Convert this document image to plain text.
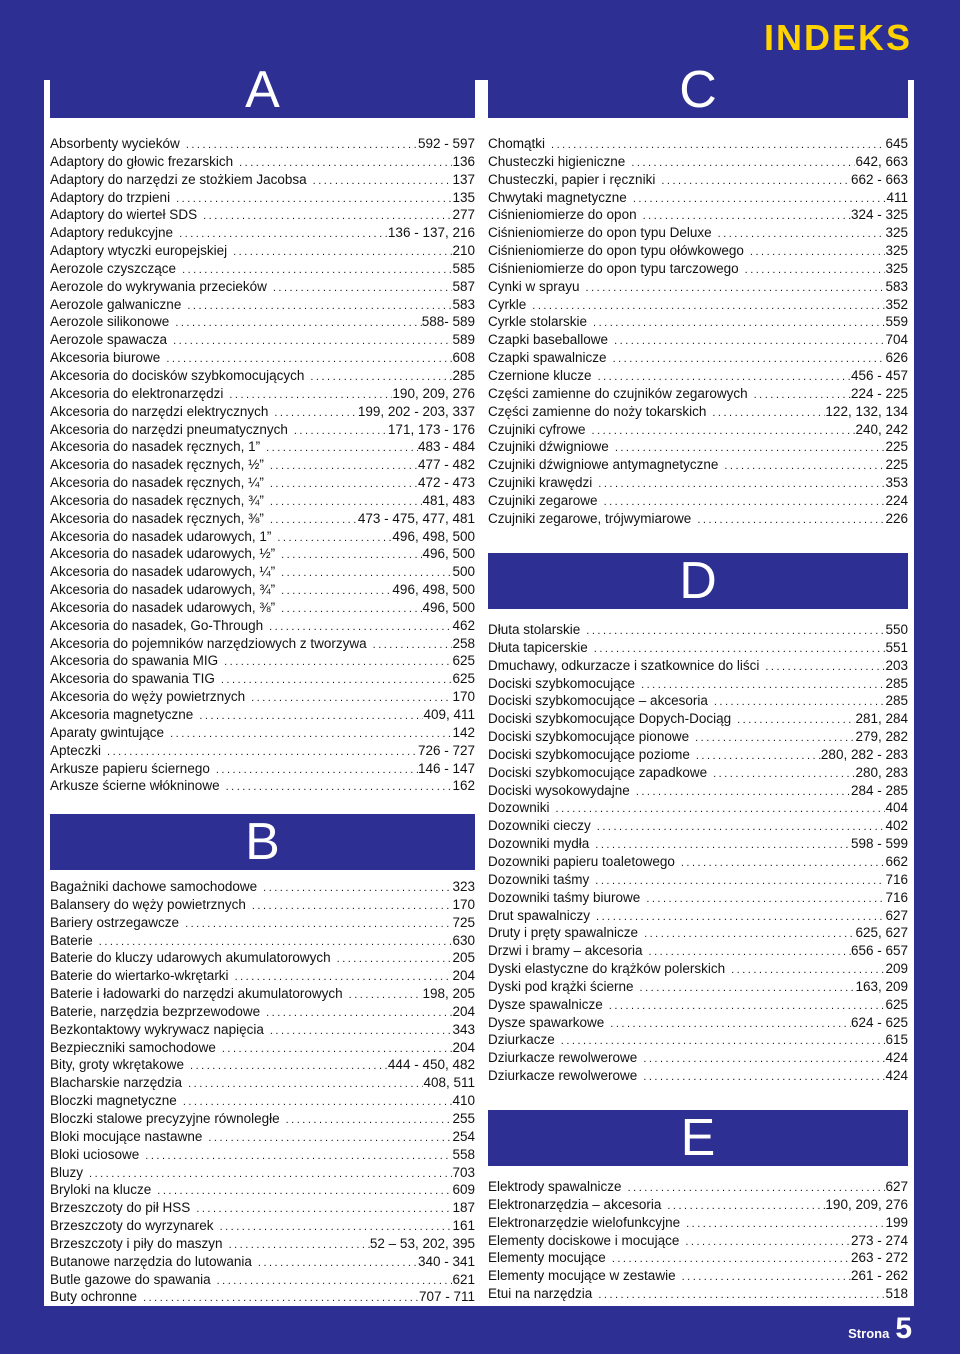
INDEKS
A
Absorbenty wycieków .....	592 - 597
Adaptory do głowic frezarskich .....	136
Adaptory do narzędzi ze stożkiem Jacobsa .....	137
Adaptory do trzpieni .....	135
Adaptory do wierteł SDS .....	277
Adaptory redukcyjne .....	136 - 137, 216
Adaptory wtyczki europejskiej .....	210
Aerozole czyszczące .....	585
Aerozole do wykrywania przecieków .....	587
Aerozole galwaniczne .....	583
Aerozole silikonowe .....	588- 589
Aerozole spawacza .....	589
Akcesoria biurowe .....	608
Akcesoria do docisków szybkomocujących .....	285
Akcesoria do elektronarzędzi .....	190, 209, 276
Akcesoria do narzędzi elektrycznych .....	199, 202 - 203, 337
Akcesoria do narzędzi pneumatycznych .....	171, 173 - 176
Akcesoria do nasadek ręcznych, 1” .....	483 - 484
Akcesoria do nasadek ręcznych, ½” .....	477 - 482
Akcesoria do nasadek ręcznych, ¼” .....	472 - 473
Akcesoria do nasadek ręcznych, ¾” .....	481, 483
Akcesoria do nasadek ręcznych, ⅜” .....	473 - 475, 477, 481
Akcesoria do nasadek udarowych, 1” .....	496, 498, 500
Akcesoria do nasadek udarowych, ½” .....	496, 500
Akcesoria do nasadek udarowych, ¼” .....	500
Akcesoria do nasadek udarowych, ¾” .....	496, 498, 500
Akcesoria do nasadek udarowych, ⅜” .....	496, 500
Akcesoria do nasadek, Go-Through .....	462
Akcesoria do pojemników narzędziowych z tworzywa .....	258
Akcesoria do spawania MIG .....	625
Akcesoria do spawania TIG .....	625
Akcesoria do węży powietrznych .....	170
Akcesoria magnetyczne .....	409, 411
Aparaty gwintujące .....	142
Apteczki .....	726 - 727
Arkusze papieru ściernego .....	146 - 147
Arkusze ścierne włókninowe .....	162
B
Bagażniki dachowe samochodowe .....	323
Balansery do węży powietrznych .....	170
Bariery ostrzegawcze .....	725
Baterie .....	630
Baterie do kluczy udarowych akumulatorowych .....	205
Baterie do wiertarko-wkrętarki .....	204
Baterie i ładowarki do narzędzi akumulatorowych .....	198, 205
Baterie, narzędzia bezprzewodowe .....	204
Bezkontaktowy wykrywacz napięcia .....	343
Bezpieczniki samochodowe .....	204
Bity, groty wkrętakowe .....	444 - 450, 482
Blacharskie narzędzia .....	408, 511
Bloczki magnetyczne .....	410
Bloczki stalowe precyzyjne równoległe .....	255
Bloki mocujące nastawne .....	254
Bloki uciosowe .....	558
Bluzy .....	703
Bryloki na klucze .....	609
Brzeszczoty do pił HSS .....	187
Brzeszczoty do wyrzynarek .....	161
Brzeszczoty i piły do maszyn .....	52 – 53, 202, 395
Butanowe narzędzia do lutowania .....	340 - 341
Butle gazowe do spawania .....	621
Buty ochronne .....	707 - 711
C
Chomątki .....	645
Chusteczki higieniczne .....	642, 663
Chusteczki, papier i ręczniki .....	662 - 663
Chwytaki magnetyczne .....	411
Ciśnieniomierze do opon .....	324 - 325
Ciśnieniomierze do opon typu Deluxe .....	325
Ciśnieniomierze do opon typu ołówkowego .....	325
Ciśnieniomierze do opon typu tarczowego .....	325
Cynki w sprayu .....	583
Cyrkle .....	352
Cyrkle stolarskie .....	559
Czapki baseballowe .....	704
Czapki spawalnicze .....	626
Czernione klucze .....	456 - 457
Części zamienne do czujników zegarowych .....	224 - 225
Części zamienne do noży tokarskich .....	122, 132, 134
Czujniki cyfrowe .....	240, 242
Czujniki dźwigniowe .....	225
Czujniki dźwigniowe antymagnetyczne .....	225
Czujniki krawędzi .....	353
Czujniki zegarowe .....	224
Czujniki zegarowe, trójwymiarowe .....	226
D
Dłuta stolarskie .....	550
Dłuta tapicerskie .....	551
Dmuchawy, odkurzacze i szatkownice do liści .....	203
Dociski szybkomocujące .....	285
Dociski szybkomocujące – akcesoria .....	285
Dociski szybkomocujące Dopych-Dociąg .....	281, 284
Dociski szybkomocujące pionowe .....	279, 282
Dociski szybkomocujące poziome .....	280, 282 - 283
Dociski szybkomocujące zapadkowe .....	280, 283
Dociski wysokowydajne .....	284 - 285
Dozowniki .....	404
Dozowniki cieczy .....	402
Dozowniki mydła .....	598 - 599
Dozowniki papieru toaletowego .....	662
Dozowniki taśmy .....	716
Dozowniki taśmy biurowe .....	716
Drut spawalniczy .....	627
Druty i pręty spawalnicze .....	625, 627
Drzwi i bramy – akcesoria .....	656 - 657
Dyski elastyczne do krążków polerskich .....	209
Dyski pod krążki ścierne .....	163, 209
Dysze spawalnicze .....	625
Dysze spawarkowe .....	624 - 625
Dziurkacze .....	615
Dziurkacze rewolwerowe .....	424
Dziurkacze rewolwerowe .....	424
E
Elektrody spawalnicze .....	627
Elektronarzędzia – akcesoria .....	190, 209, 276
Elektronarzędzie wielofunkcyjne .....	199
Elementy dociskowe i mocujące .....	273 - 274
Elementy mocujące .....	263 - 272
Elementy mocujące w zestawie .....	261 - 262
Etui na narzędzia .....	518
Strona 5
